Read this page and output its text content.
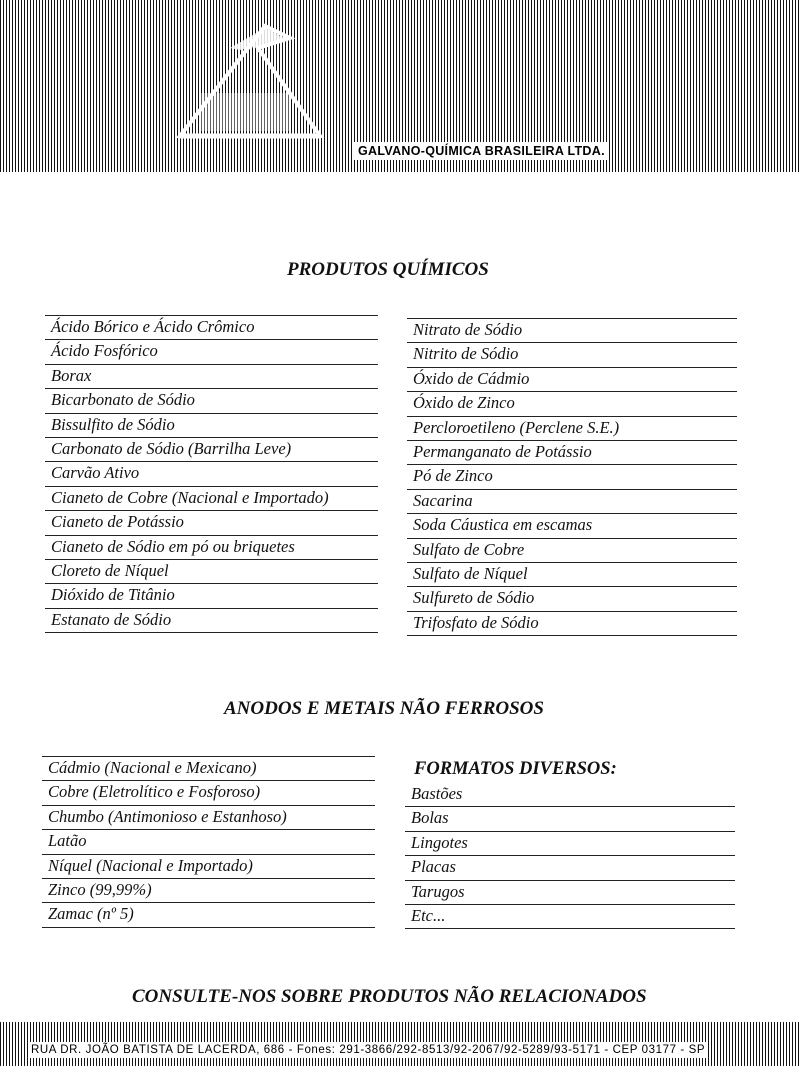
GALVANO-QUÍMICA BRASILEIRA LTDA.
PRODUTOS QUÍMICOS
Ácido Bórico e Ácido Crômico
Ácido Fosfórico
Borax
Bicarbonato de Sódio
Bissulfito de Sódio
Carbonato de Sódio (Barrilha Leve)
Carvão Ativo
Cianeto de Cobre (Nacional e Importado)
Cianeto de Potássio
Cianeto de Sódio em pó ou briquetes
Cloreto de Níquel
Dióxido de Titânio
Estanato de Sódio
Nitrato de Sódio
Nitrito de Sódio
Óxido de Cádmio
Óxido de Zinco
Percloroetileno (Perclene S.E.)
Permanganato de Potássio
Pó de Zinco
Sacarina
Soda Cáustica em escamas
Sulfato de Cobre
Sulfato de Níquel
Sulfureto de Sódio
Trifosfato de Sódio
ANODOS E METAIS NÃO FERROSOS
Cádmio (Nacional e Mexicano)
Cobre (Eletrolítico e Fosforoso)
Chumbo (Antimonioso e Estanhoso)
Latão
Níquel (Nacional e Importado)
Zinco (99,99%)
Zamac (nº 5)
FORMATOS DIVERSOS:
Bastões
Bolas
Lingotes
Placas
Tarugos
Etc...
CONSULTE-NOS SOBRE PRODUTOS NÃO RELACIONADOS
RUA DR. JOÃO BATISTA DE LACERDA, 686 - Fones: 291-3866/292-8513/92-2067/92-5289/93-5171 - CEP 03177 - SP
